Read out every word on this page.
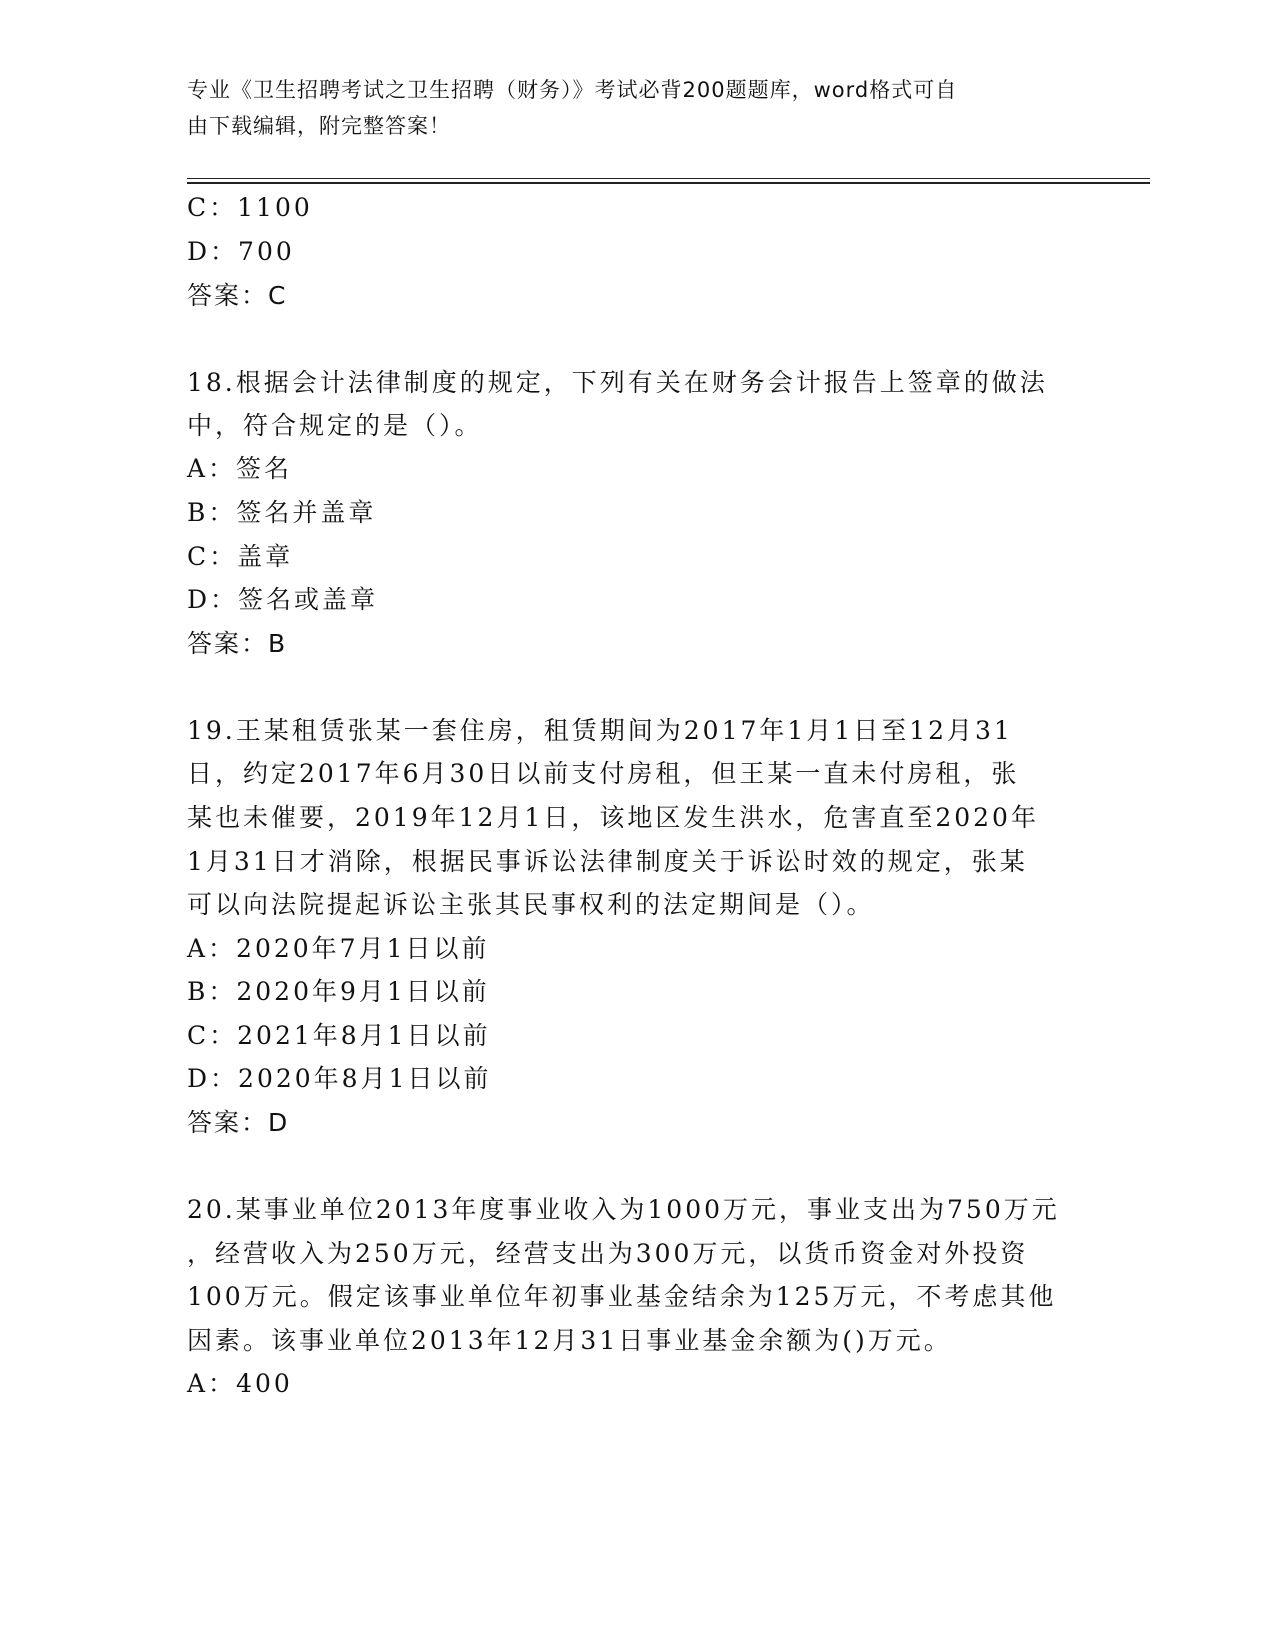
专业《卫生招聘考试之卫生招聘（财务）》考试必背200题题库，word格式可自
由下载编辑，附完整答案！
C：1100
D：700
答案：C
18.根据会计法律制度的规定，下列有关在财务会计报告上签章的做法
中，符合规定的是（）。
A：签名
B：签名并盖章
C：盖章
D：签名或盖章
答案：B
19.王某租赁张某一套住房，租赁期间为2017年1月1日至12月31
日，约定2017年6月30日以前支付房租，但王某一直未付房租，张
某也未催要，2019年12月1日，该地区发生洪水，危害直至2020年
1月31日才消除，根据民事诉讼法律制度关于诉讼时效的规定，张某
可以向法院提起诉讼主张其民事权利的法定期间是（）。
A：2020年7月1日以前
B：2020年9月1日以前
C：2021年8月1日以前
D：2020年8月1日以前
答案：D
20.某事业单位2013年度事业收入为1000万元，事业支出为750万元
，经营收入为250万元，经营支出为300万元，以货币资金对外投资
100万元。假定该事业单位年初事业基金结余为125万元，不考虑其他
因素。该事业单位2013年12月31日事业基金余额为()万元。
A：400
